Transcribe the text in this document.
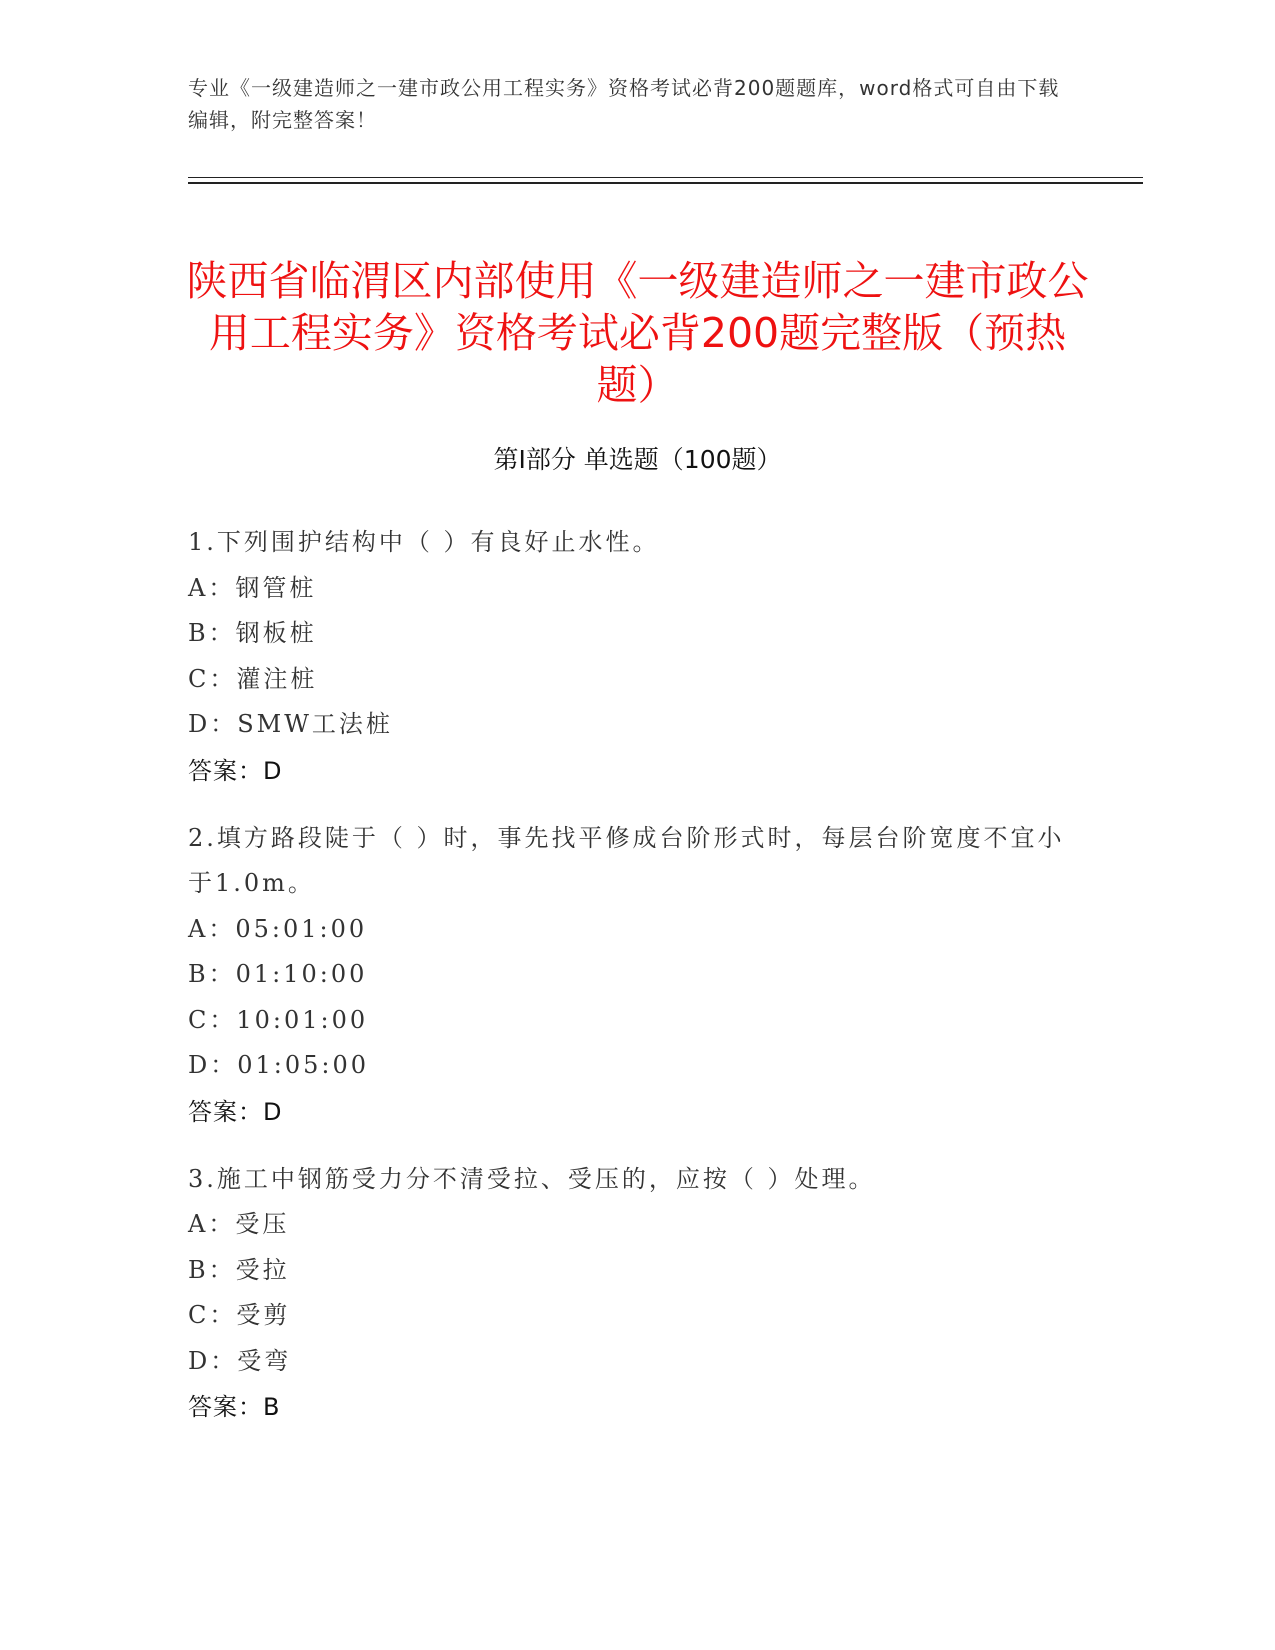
专业《一级建造师之一建市政公用工程实务》资格考试必背200题题库，word格式可自由下载编辑，附完整答案！
陕西省临渭区内部使用《一级建造师之一建市政公用工程实务》资格考试必背200题完整版（预热题）
第I部分 单选题（100题）
1.下列围护结构中（ ）有良好止水性。
A：钢管桩
B：钢板桩
C：灌注桩
D：SMW工法桩
答案：D
2.填方路段陡于（ ）时，事先找平修成台阶形式时，每层台阶宽度不宜小于1.0m。
A：05:01:00
B：01:10:00
C：10:01:00
D：01:05:00
答案：D
3.施工中钢筋受力分不清受拉、受压的，应按（ ）处理。
A：受压
B：受拉
C：受剪
D：受弯
答案：B
